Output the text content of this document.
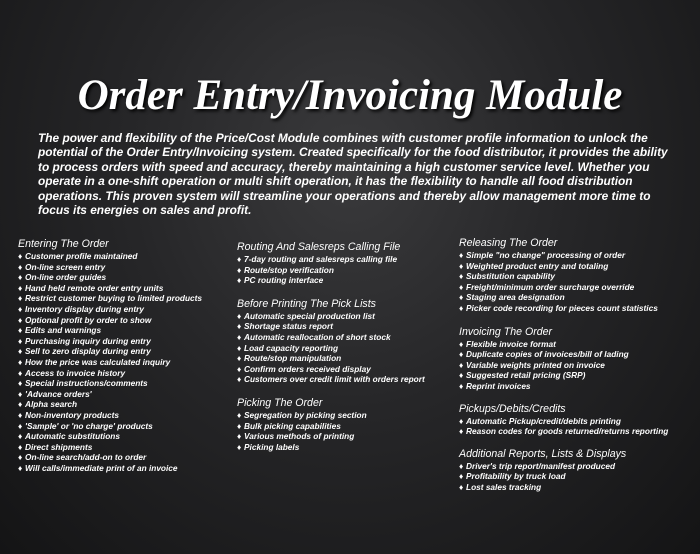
Order Entry/Invoicing Module
The power and flexibility of the Price/Cost Module combines with customer profile information to unlock the potential of the Order Entry/Invoicing system. Created specifically for the food distributor, it provides the ability to process orders with speed and accuracy, thereby maintaining a high customer service level. Whether you operate in a one-shift operation or multi shift operation, it has the flexibility to handle all food distribution operations. This proven system will streamline your operations and thereby allow management more time to focus its energies on sales and profit.
Entering The Order
♦ Customer profile maintained
♦ On-line screen entry
♦ On-line order guides
♦ Hand held remote order entry units
♦ Restrict customer buying to limited products
♦ Inventory display during entry
♦ Optional profit by order to show
♦ Edits and warnings
♦ Purchasing inquiry during entry
♦ Sell to zero display during entry
♦ How the price was calculated inquiry
♦ Access to invoice history
♦ Special instructions/comments
♦ 'Advance orders'
♦ Alpha search
♦ Non-inventory products
♦ 'Sample' or 'no charge' products
♦ Automatic substitutions
♦ Direct shipments
♦ On-line search/add-on to order
♦ Will calls/immediate print of an invoice
Routing And Salesreps Calling File
♦ 7-day routing and salesreps calling file
♦ Route/stop verification
♦ PC routing interface
Before Printing The Pick Lists
♦ Automatic special production list
♦ Shortage status report
♦ Automatic reallocation of short stock
♦ Load capacity reporting
♦ Route/stop manipulation
♦ Confirm orders received display
♦ Customers over credit limit with orders report
Picking The Order
♦ Segregation by picking section
♦ Bulk picking capabilities
♦ Various methods of printing
♦ Picking labels
Releasing The Order
♦ Simple "no change" processing of order
♦ Weighted product entry and totaling
♦ Substitution capability
♦ Freight/minimum order surcharge override
♦ Staging area designation
♦ Picker code recording for pieces count statistics
Invoicing The Order
♦ Flexible invoice format
♦ Duplicate copies of invoices/bill of lading
♦ Variable weights printed on invoice
♦ Suggested retail pricing (SRP)
♦ Reprint invoices
Pickups/Debits/Credits
♦ Automatic Pickup/credit/debits printing
♦ Reason codes for goods returned/returns reporting
Additional Reports, Lists & Displays
♦ Driver's trip report/manifest produced
♦ Profitability by truck load
♦ Lost sales tracking
